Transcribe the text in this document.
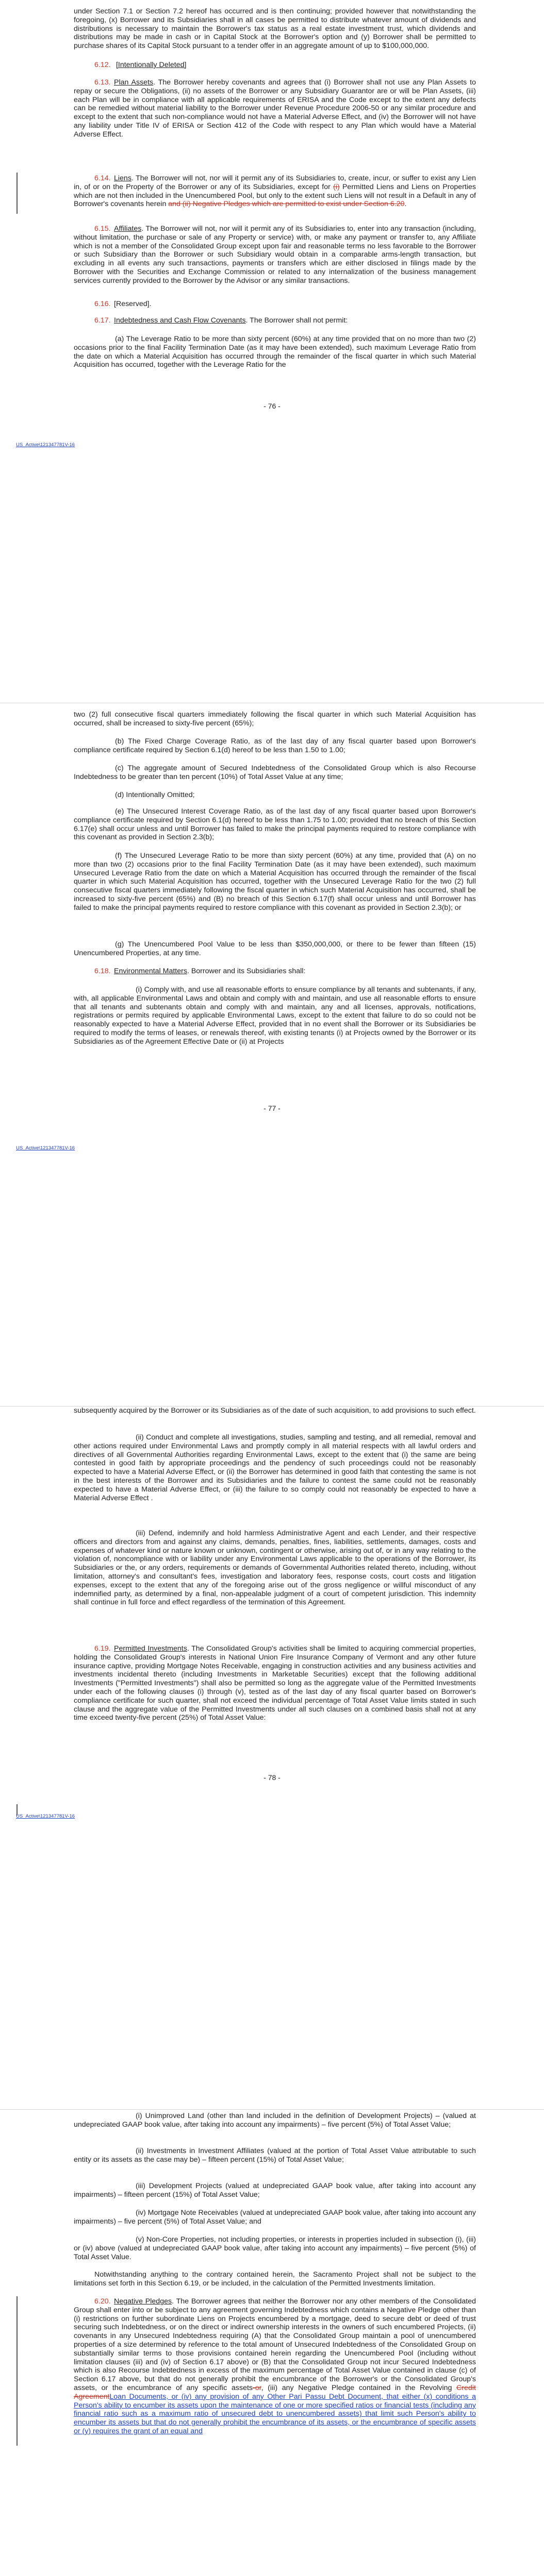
under Section 7.1 or Section 7.2 hereof has occurred and is then continuing; provided however that notwithstanding the foregoing, (x) Borrower and its Subsidiaries shall in all cases be permitted to distribute whatever amount of dividends and distributions is necessary to maintain the Borrower's tax status as a real estate investment trust, which dividends and distributions may be made in cash or in Capital Stock at the Borrower's option and (y) Borrower shall be permitted to purchase shares of its Capital Stock pursuant to a tender offer in an aggregate amount of up to $100,000,000.

6.12. [Intentionally Deleted]

6.13. Plan Assets. The Borrower hereby covenants and agrees that (i) Borrower shall not use any Plan Assets to repay or secure the Obligations, (ii) no assets of the Borrower or any Subsidiary Guarantor are or will be Plan Assets, (iii) each Plan will be in compliance with all applicable requirements of ERISA and the Code except to the extent any defects can be remedied without material liability to the Borrower under Revenue Procedure 2006-50 or any similar procedure and except to the extent that such non-compliance would not have a Material Adverse Effect, and (iv) the Borrower will not have any liability under Title IV of ERISA or Section 412 of the Code with respect to any Plan which would have a Material Adverse Effect.

6.14. Liens. The Borrower will not, nor will it permit any of its Subsidiaries to, create, incur, or suffer to exist any Lien in, of or on the Property of the Borrower or any of its Subsidiaries, except for (i) Permitted Liens and Liens on Properties which are not then included in the Unencumbered Pool, but only to the extent such Liens will not result in a Default in any of Borrower's covenants herein and (ii) Negative Pledges which are permitted to exist under Section 6.20.

6.15. Affiliates. The Borrower will not, nor will it permit any of its Subsidiaries to, enter into any transaction (including, without limitation, the purchase or sale of any Property or service) with, or make any payment or transfer to, any Affiliate which is not a member of the Consolidated Group except upon fair and reasonable terms no less favorable to the Borrower or such Subsidiary than the Borrower or such Subsidiary would obtain in a comparable arms-length transaction, but excluding in all events any such transactions, payments or transfers which are either disclosed in filings made by the Borrower with the Securities and Exchange Commission or related to any internalization of the business management services currently provided to the Borrower by the Advisor or any similar transactions.

6.16. [Reserved].

6.17. Indebtedness and Cash Flow Covenants. The Borrower shall not permit:

(a) The Leverage Ratio to be more than sixty percent (60%) at any time provided that on no more than two (2) occasions prior to the final Facility Termination Date (as it may have been extended), such maximum Leverage Ratio from the date on which a Material Acquisition has occurred through the remainder of the fiscal quarter in which such Material Acquisition has occurred, together with the Leverage Ratio for the

- 76 -
US_Active\121347781V-16

two (2) full consecutive fiscal quarters immediately following the fiscal quarter in which such Material Acquisition has occurred, shall be increased to sixty-five percent (65%);

(b) The Fixed Charge Coverage Ratio, as of the last day of any fiscal quarter based upon Borrower's compliance certificate required by Section 6.1(d) hereof to be less than 1.50 to 1.00;

(c) The aggregate amount of Secured Indebtedness of the Consolidated Group which is also Recourse Indebtedness to be greater than ten percent (10%) of Total Asset Value at any time;

(d) Intentionally Omitted;

(e) The Unsecured Interest Coverage Ratio, as of the last day of any fiscal quarter based upon Borrower's compliance certificate required by Section 6.1(d) hereof to be less than 1.75 to 1.00; provided that no breach of this Section 6.17(e) shall occur unless and until Borrower has failed to make the principal payments required to restore compliance with this covenant as provided in Section 2.3(b);

(f) The Unsecured Leverage Ratio to be more than sixty percent (60%) at any time, provided that (A) on no more than two (2) occasions prior to the final Facility Termination Date (as it may have been extended), such maximum Unsecured Leverage Ratio from the date on which a Material Acquisition has occurred through the remainder of the fiscal quarter in which such Material Acquisition has occurred, together with the Unsecured Leverage Ratio for the two (2) full consecutive fiscal quarters immediately following the fiscal quarter in which such Material Acquisition has occurred, shall be increased to sixty-five percent (65%) and (B) no breach of this Section 6.17(f) shall occur unless and until Borrower has failed to make the principal payments required to restore compliance with this covenant as provided in Section 2.3(b); or

(g) The Unencumbered Pool Value to be less than $350,000,000, or there to be fewer than fifteen (15) Unencumbered Properties, at any time.

6.18. Environmental Matters. Borrower and its Subsidiaries shall:

(i) Comply with, and use all reasonable efforts to ensure compliance by all tenants and subtenants, if any, with, all applicable Environmental Laws and obtain and comply with and maintain, and use all reasonable efforts to ensure that all tenants and subtenants obtain and comply with and maintain, any and all licenses, approvals, notifications, registrations or permits required by applicable Environmental Laws, except to the extent that failure to do so could not be reasonably expected to have a Material Adverse Effect, provided that in no event shall the Borrower or its Subsidiaries be required to modify the terms of leases, or renewals thereof, with existing tenants (i) at Projects owned by the Borrower or its Subsidiaries as of the Agreement Effective Date or (ii) at Projects

- 77 -
US_Active\121347781V-16

subsequently acquired by the Borrower or its Subsidiaries as of the date of such acquisition, to add provisions to such effect.

(ii) Conduct and complete all investigations, studies, sampling and testing, and all remedial, removal and other actions required under Environmental Laws and promptly comply in all material respects with all lawful orders and directives of all Governmental Authorities regarding Environmental Laws, except to the extent that (i) the same are being contested in good faith by appropriate proceedings and the pendency of such proceedings could not be reasonably expected to have a Material Adverse Effect, or (ii) the Borrower has determined in good faith that contesting the same is not in the best interests of the Borrower and its Subsidiaries and the failure to contest the same could not be reasonably expected to have a Material Adverse Effect, or (iii) the failure to so comply could not reasonably be expected to have a Material Adverse Effect .

(iii) Defend, indemnify and hold harmless Administrative Agent and each Lender, and their respective officers and directors from and against any claims, demands, penalties, fines, liabilities, settlements, damages, costs and expenses of whatever kind or nature known or unknown, contingent or otherwise, arising out of, or in any way relating to the violation of, noncompliance with or liability under any Environmental Laws applicable to the operations of the Borrower, its Subsidiaries or the, or any orders, requirements or demands of Governmental Authorities related thereto, including, without limitation, attorney's and consultant's fees, investigation and laboratory fees, response costs, court costs and litigation expenses, except to the extent that any of the foregoing arise out of the gross negligence or willful misconduct of any indemnified party, as determined by a final, non-appealable judgment of a court of competent jurisdiction. This indemnity shall continue in full force and effect regardless of the termination of this Agreement.

6.19. Permitted Investments. The Consolidated Group's activities shall be limited to acquiring commercial properties, holding the Consolidated Group's interests in National Union Fire Insurance Company of Vermont and any other future insurance captive, providing Mortgage Notes Receivable, engaging in construction activities and any business activities and investments incidental thereto (including Investments in Marketable Securities) except that the following additional Investments ("Permitted Investments") shall also be permitted so long as the aggregate value of the Permitted Investments under each of the following clauses (i) through (v), tested as of the last day of any fiscal quarter based on Borrower's compliance certificate for such quarter, shall not exceed the individual percentage of Total Asset Value limits stated in such clause and the aggregate value of the Permitted Investments under all such clauses on a combined basis shall not at any time exceed twenty-five percent (25%) of Total Asset Value:

- 78 -
US_Active\121347781V-16

(i) Unimproved Land (other than land included in the definition of Development Projects) – (valued at undepreciated GAAP book value, after taking into account any impairments) – five percent (5%) of Total Asset Value;

(ii) Investments in Investment Affiliates (valued at the portion of Total Asset Value attributable to such entity or its assets as the case may be) – fifteen percent (15%) of Total Asset Value;

(iii) Development Projects (valued at undepreciated GAAP book value, after taking into account any impairments) – fifteen percent (15%) of Total Asset Value;

(iv) Mortgage Note Receivables (valued at undepreciated GAAP book value, after taking into account any impairments) – five percent (5%) of Total Asset Value; and

(v) Non-Core Properties, not including properties, or interests in properties included in subsection (i), (iii) or (iv) above (valued at undepreciated GAAP book value, after taking into account any impairments) – five percent (5%) of Total Asset Value.

Notwithstanding anything to the contrary contained herein, the Sacramento Project shall not be subject to the limitations set forth in this Section 6.19, or be included, in the calculation of the Permitted Investments limitation.

6.20. Negative Pledges. The Borrower agrees that neither the Borrower nor any other members of the Consolidated Group shall enter into or be subject to any agreement governing Indebtedness which contains a Negative Pledge other than (i) restrictions on further subordinate Liens on Projects encumbered by a mortgage, deed to secure debt or deed of trust securing such Indebtedness, or on the direct or indirect ownership interests in the owners of such encumbered Projects, (ii) covenants in any Unsecured Indebtedness requiring (A) that the Consolidated Group maintain a pool of unencumbered properties of a size determined by reference to the total amount of Unsecured Indebtedness of the Consolidated Group on substantially similar terms to those provisions contained herein regarding the Unencumbered Pool (including without limitation clauses (iii) and (iv) of Section 6.17 above) or (B) that the Consolidated Group not incur Secured Indebtedness which is also Recourse Indebtedness in excess of the maximum percentage of Total Asset Value contained in clause (c) of Section 6.17 above, but that do not generally prohibit the encumbrance of the Borrower's or the Consolidated Group's assets, or the encumbrance of any specific assets-or, (iii) any Negative Pledge contained in the Revolving Credit AgreementLoan Documents, or (iv) any provision of any Other Pari Passu Debt Document, that either (x) conditions a Person's ability to encumber its assets upon the maintenance of one or more specified ratios or financial tests (including any financial ratio such as a maximum ratio of unsecured debt to unencumbered assets) that limit such Person's ability to encumber its assets but that do not generally prohibit the encumbrance of its assets, or the encumbrance of specific assets or (y) requires the grant of an equal and
